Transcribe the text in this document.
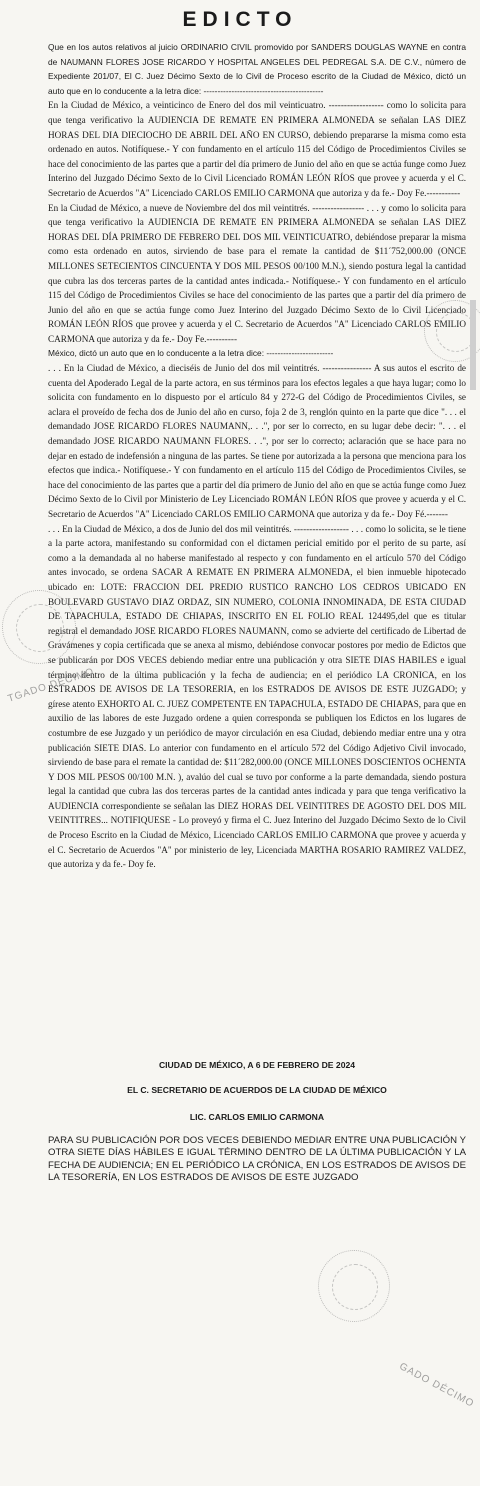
EDICTO

Que en los autos relativos al juicio ORDINARIO CIVIL promovido por SANDERS DOUGLAS WAYNE en contra de NAUMANN FLORES JOSE RICARDO Y HOSPITAL ANGELES DEL PEDREGAL S.A. DE C.V., número de Expediente 201/07, El C. Juez Décimo Sexto de lo Civil de Proceso escrito de la Ciudad de México, dictó un auto que en lo conducente a la letra dice: -------------------------------------------

En la Ciudad de México, a veinticinco de Enero del dos mil veinticuatro. ------------------ como lo solicita para que tenga verificativo la AUDIENCIA DE REMATE EN PRIMERA ALMONEDA se señalan LAS DIEZ HORAS DEL DIA DIECIOCHO DE ABRIL DEL AÑO EN CURSO, debiendo prepararse la misma como esta ordenado en autos. Notifíquese.- Y con fundamento en el artículo 115 del Código de Procedimientos Civiles se hace del conocimiento de las partes que a partir del día primero de Junio del año en que se actúa funge como Juez Interino del Juzgado Décimo Sexto de lo Civil Licenciado ROMÁN LEÓN RÍOS que provee y acuerda y el C. Secretario de Acuerdos "A" Licenciado CARLOS EMILIO CARMONA que autoriza y da fe.- Doy Fe.-----------

En la Ciudad de México, a nueve de Noviembre del dos mil veintitrés. ----------------- . . . y como lo solicita para que tenga verificativo la AUDIENCIA DE REMATE EN PRIMERA ALMONEDA se señalan LAS DIEZ HORAS DEL DÍA PRIMERO DE FEBRERO DEL DOS MIL VEINTICUATRO, debiéndose preparar la misma como esta ordenado en autos, sirviendo de base para el remate la cantidad de $11´752,000.00 (ONCE MILLONES SETECIENTOS CINCUENTA Y DOS MIL PESOS 00/100 M.N.), siendo postura legal la cantidad que cubra las dos terceras partes de la cantidad antes indicada.- Notifíquese.- Y con fundamento en el artículo 115 del Código de Procedimientos Civiles se hace del conocimiento de las partes que a partir del día primero de Junio del año en que se actúa funge como Juez Interino del Juzgado Décimo Sexto de lo Civil Licenciado ROMÁN LEÓN RÍOS que provee y acuerda y el C. Secretario de Acuerdos "A" Licenciado CARLOS EMILIO CARMONA que autoriza y da fe.- Doy Fe.----------

México, dictó un auto que en lo conducente a la letra dice: ------------------------

. . . En la Ciudad de México, a dieciséis de Junio del dos mil veintitrés. ---------------- A sus autos el escrito de cuenta del Apoderado Legal de la parte actora, en sus términos para los efectos legales a que haya lugar; como lo solicita con fundamento en lo dispuesto por el artículo 84 y 272-G del Código de Procedimientos Civiles, se aclara el proveído de fecha dos de Junio del año en curso, foja 2 de 3, renglón quinto en la parte que dice ". . . el demandado JOSE RICARDO FLORES NAUMANN,. . .", por ser lo correcto, en su lugar debe decir: ". . . el demandado JOSE RICARDO NAUMANN FLORES. . .", por ser lo correcto; aclaración que se hace para no dejar en estado de indefensión a ninguna de las partes. Se tiene por autorizada a la persona que menciona para los efectos que indica.- Notifíquese.- Y con fundamento en el artículo 115 del Código de Procedimientos Civiles, se hace del conocimiento de las partes que a partir del día primero de Junio del año en que se actúa funge como Juez Décimo Sexto de lo Civil por Ministerio de Ley Licenciado ROMÁN LEÓN RÍOS que provee y acuerda y el C. Secretario de Acuerdos "A" Licenciado CARLOS EMILIO CARMONA que autoriza y da fe.- Doy Fé.-------

. . . En la Ciudad de México, a dos de Junio del dos mil veintitrés. ------------------ . . . como lo solicita, se le tiene a la parte actora, manifestando su conformidad con el dictamen pericial emitido por el perito de su parte, así como a la demandada al no haberse manifestado al respecto y con fundamento en el artículo 570 del Código antes invocado, se ordena SACAR A REMATE EN PRIMERA ALMONEDA, el bien inmueble hipotecado ubicado en: LOTE: FRACCION DEL PREDIO RUSTICO RANCHO LOS CEDROS UBICADO EN BOULEVARD GUSTAVO DIAZ ORDAZ, SIN NUMERO, COLONIA INNOMINADA, DE ESTA CIUDAD DE TAPACHULA, ESTADO DE CHIAPAS, INSCRITO EN EL FOLIO REAL 124495,del que es titular registral el demandado JOSE RICARDO FLORES NAUMANN, como se advierte del certificado de Libertad de Gravámenes y copia certificada que se anexa al mismo, debiéndose convocar postores por medio de Edictos que se publicarán por DOS VECES debiendo mediar entre una publicación y otra SIETE DIAS HABILES e igual término dentro de la última publicación y la fecha de audiencia; en el periódico LA CRONICA, en los ESTRADOS DE AVISOS DE LA TESORERIA, en los ESTRADOS DE AVISOS DE ESTE JUZGADO; y gírese atento EXHORTO AL C. JUEZ COMPETENTE EN TAPACHULA, ESTADO DE CHIAPAS, para que en auxilio de las labores de este Juzgado ordene a quien corresponda se publiquen los Edictos en los lugares de costumbre de ese Juzgado y un periódico de mayor circulación en esa Ciudad, debiendo mediar entre una y otra publicación SIETE DIAS. Lo anterior con fundamento en el artículo 572 del Código Adjetivo Civil invocado, sirviendo de base para el remate la cantidad de: $11´282,000.00 (ONCE MILLONES DOSCIENTOS OCHENTA Y DOS MIL PESOS 00/100 M.N. ), avalúo del cual se tuvo por conforme a la parte demandada, siendo postura legal la cantidad que cubra las dos terceras partes de la cantidad antes indicada y para que tenga verificativo la AUDIENCIA correspondiente se señalan las DIEZ HORAS DEL VEINTITRES DE AGOSTO DEL DOS MIL VEINTITRES... NOTIFIQUESE - Lo proveyó y firma el C. Juez Interino del Juzgado Décimo Sexto de lo Civil de Proceso Escrito en la Ciudad de México, Licenciado CARLOS EMILIO CARMONA que provee y acuerda y el C. Secretario de Acuerdos "A" por ministerio de ley, Licenciada MARTHA ROSARIO RAMIREZ VALDEZ, que autoriza y da fe.- Doy fe.

CIUDAD DE MÉXICO, A 6 DE FEBRERO DE 2024

EL C. SECRETARIO DE ACUERDOS DE LA CIUDAD DE MÉXICO

LIC. CARLOS EMILIO CARMONA

PARA SU PUBLICACIÓN POR DOS VECES DEBIENDO MEDIAR ENTRE UNA PUBLICACIÓN Y OTRA SIETE DÍAS HÁBILES E IGUAL TÉRMINO DENTRO DE LA ÚLTIMA PUBLICACIÓN Y LA FECHA DE AUDIENCIA; EN EL PERIÓDICO LA CRÓNICA, EN LOS ESTRADOS DE AVISOS DE LA TESORERÍA, EN LOS ESTRADOS DE AVISOS DE ESTE JUZGADO

TGADO DÉCIMO
GADO DÉCIMO
